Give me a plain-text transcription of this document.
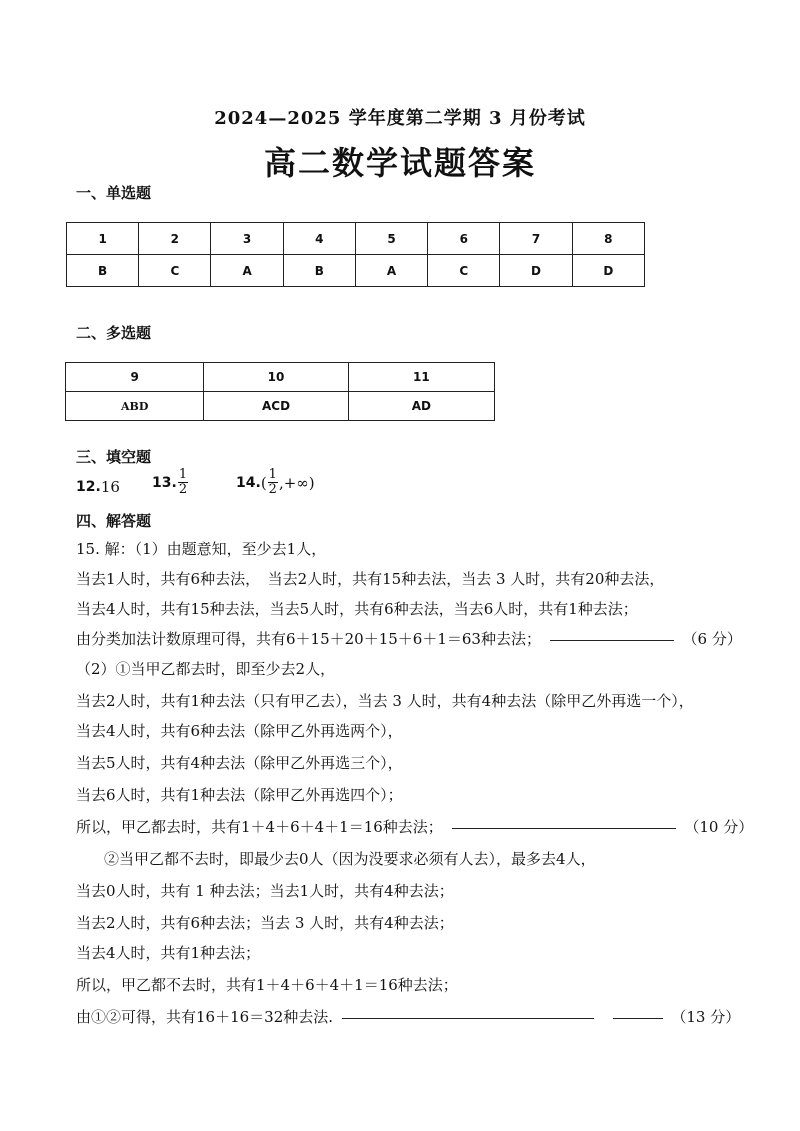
2024—2025 学年度第二学期 3 月份考试
高二数学试题答案
一、单选题
1	2	3	4	5	6	7	8
B	C	A	B	A	C	D	D
二、多选题
9	10	11
ABD	ACD	AD
三、填空题
12. 16 13. $\frac{1}{2}$	14. ( $\frac{1}{2}$ ,+∞)
四、解答题
15. 解：（1）由题意知，至少去1人，
当去1人时，共有6种去法，　当去2人时，共有15种去法，当去 3 人时，共有20种去法，
当去4人时，共有15种去法，当去5人时，共有6种去法，当去6人时，共有1种去法；
由分类加法计数原理可得，共有6＋15＋20＋15＋6＋1＝63种去法；	（6 分）
（2）①当甲乙都去时，即至少去2人，
当去2人时，共有1种去法（只有甲乙去），当去 3 人时，共有4种去法（除甲乙外再选一个），
当去4人时，共有6种去法（除甲乙外再选两个），
当去5人时，共有4种去法（除甲乙外再选三个），
当去6人时，共有1种去法（除甲乙外再选四个）；
所以，甲乙都去时，共有1＋4＋6＋4＋1＝16种去法；	（10 分）
②当甲乙都不去时，即最少去0人（因为没要求必须有人去），最多去4人，
当去0人时，共有 1 种去法；当去1人时，共有4种去法；
当去2人时，共有6种去法；当去 3 人时，共有4种去法；
当去4人时，共有1种去法；
所以，甲乙都不去时，共有1＋4＋6＋4＋1＝16种去法；
由①②可得，共有16＋16＝32种去法.	（13 分）
